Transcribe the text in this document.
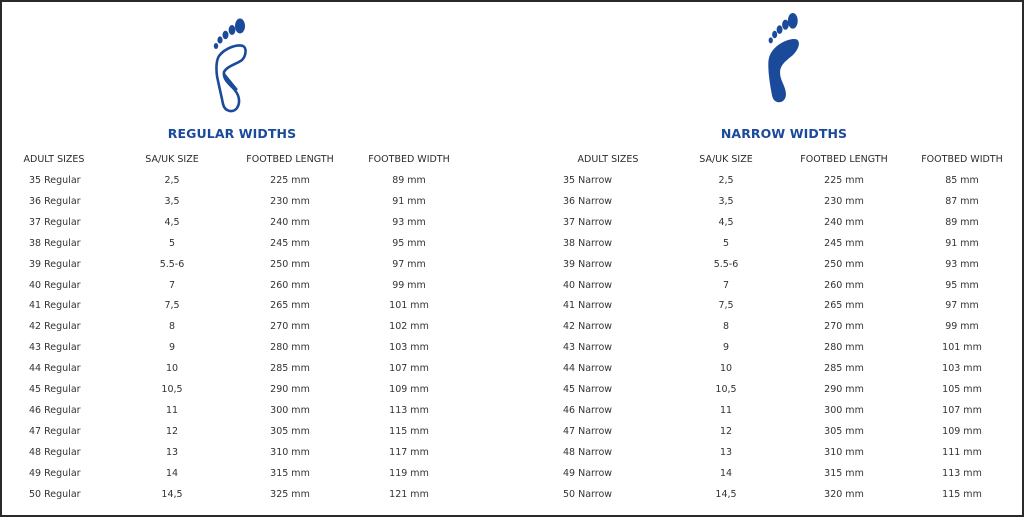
REGULAR WIDTHS
ADULT SIZES	SA/UK SIZE	FOOTBED LENGTH	FOOTBED WIDTH
35 Regular	2,5	225 mm	89 mm
36 Regular	3,5	230 mm	91 mm
37 Regular	4,5	240 mm	93 mm
38 Regular	5	245 mm	95 mm
39 Regular	5.5-6	250 mm	97 mm
40 Regular	7	260 mm	99 mm
41 Regular	7,5	265 mm	101 mm
42 Regular	8	270 mm	102 mm
43 Regular	9	280 mm	103 mm
44 Regular	10	285 mm	107 mm
45 Regular	10,5	290 mm	109 mm
46 Regular	11	300 mm	113 mm
47 Regular	12	305 mm	115 mm
48 Regular	13	310 mm	117 mm
49 Regular	14	315 mm	119 mm
50 Regular	14,5	325 mm	121 mm
NARROW WIDTHS
ADULT SIZES	SA/UK SIZE	FOOTBED LENGTH	FOOTBED WIDTH
35 Narrow	2,5	225 mm	85 mm
36 Narrow	3,5	230 mm	87 mm
37 Narrow	4,5	240 mm	89 mm
38 Narrow	5	245 mm	91 mm
39 Narrow	5.5-6	250 mm	93 mm
40 Narrow	7	260 mm	95 mm
41 Narrow	7,5	265 mm	97 mm
42 Narrow	8	270 mm	99 mm
43 Narrow	9	280 mm	101 mm
44 Narrow	10	285 mm	103 mm
45 Narrow	10,5	290 mm	105 mm
46 Narrow	11	300 mm	107 mm
47 Narrow	12	305 mm	109 mm
48 Narrow	13	310 mm	111 mm
49 Narrow	14	315 mm	113 mm
50 Narrow	14,5	320 mm	115 mm
